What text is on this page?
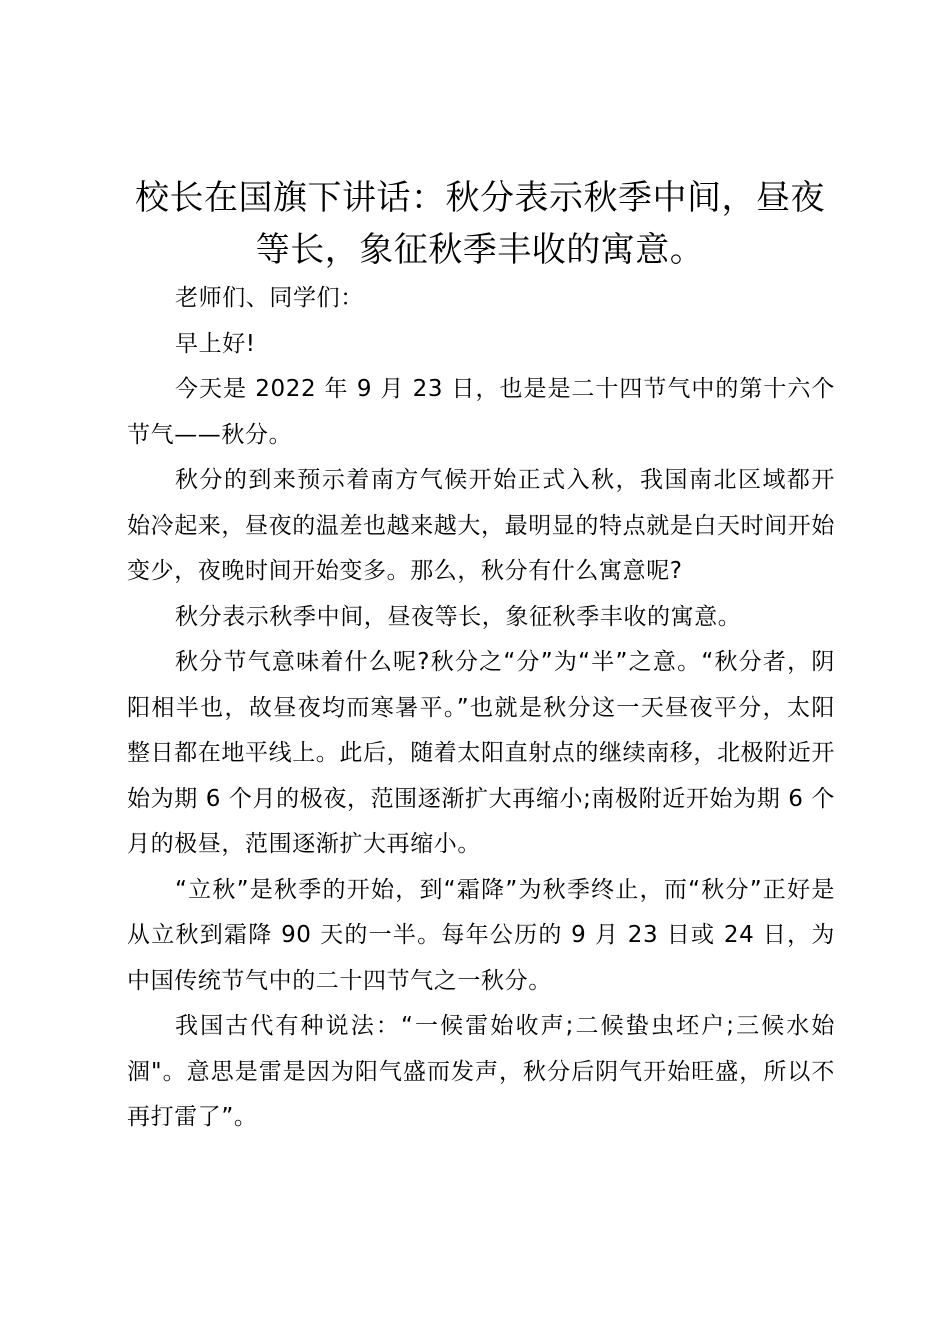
校长在国旗下讲话：秋分表示秋季中间，昼夜等长，象征秋季丰收的寓意。

老师们、同学们：

早上好!

今天是 2022 年 9 月 23 日，也是是二十四节气中的第十六个节气——秋分。

秋分的到来预示着南方气候开始正式入秋，我国南北区域都开始冷起来，昼夜的温差也越来越大，最明显的特点就是白天时间开始变少，夜晚时间开始变多。那么，秋分有什么寓意呢?

秋分表示秋季中间，昼夜等长，象征秋季丰收的寓意。

秋分节气意味着什么呢?秋分之“分”为“半”之意。“秋分者，阴阳相半也，故昼夜均而寒暑平。”也就是秋分这一天昼夜平分，太阳整日都在地平线上。此后，随着太阳直射点的继续南移，北极附近开始为期 6 个月的极夜，范围逐渐扩大再缩小;南极附近开始为期 6 个月的极昼，范围逐渐扩大再缩小。

“立秋”是秋季的开始，到“霜降”为秋季终止，而“秋分”正好是从立秋到霜降 90 天的一半。每年公历的 9 月 23 日或 24 日，为中国传统节气中的二十四节气之一秋分。

我国古代有种说法：“一候雷始收声;二候蛰虫坯户;三候水始涸"。意思是雷是因为阳气盛而发声，秋分后阴气开始旺盛，所以不再打雷了”。
